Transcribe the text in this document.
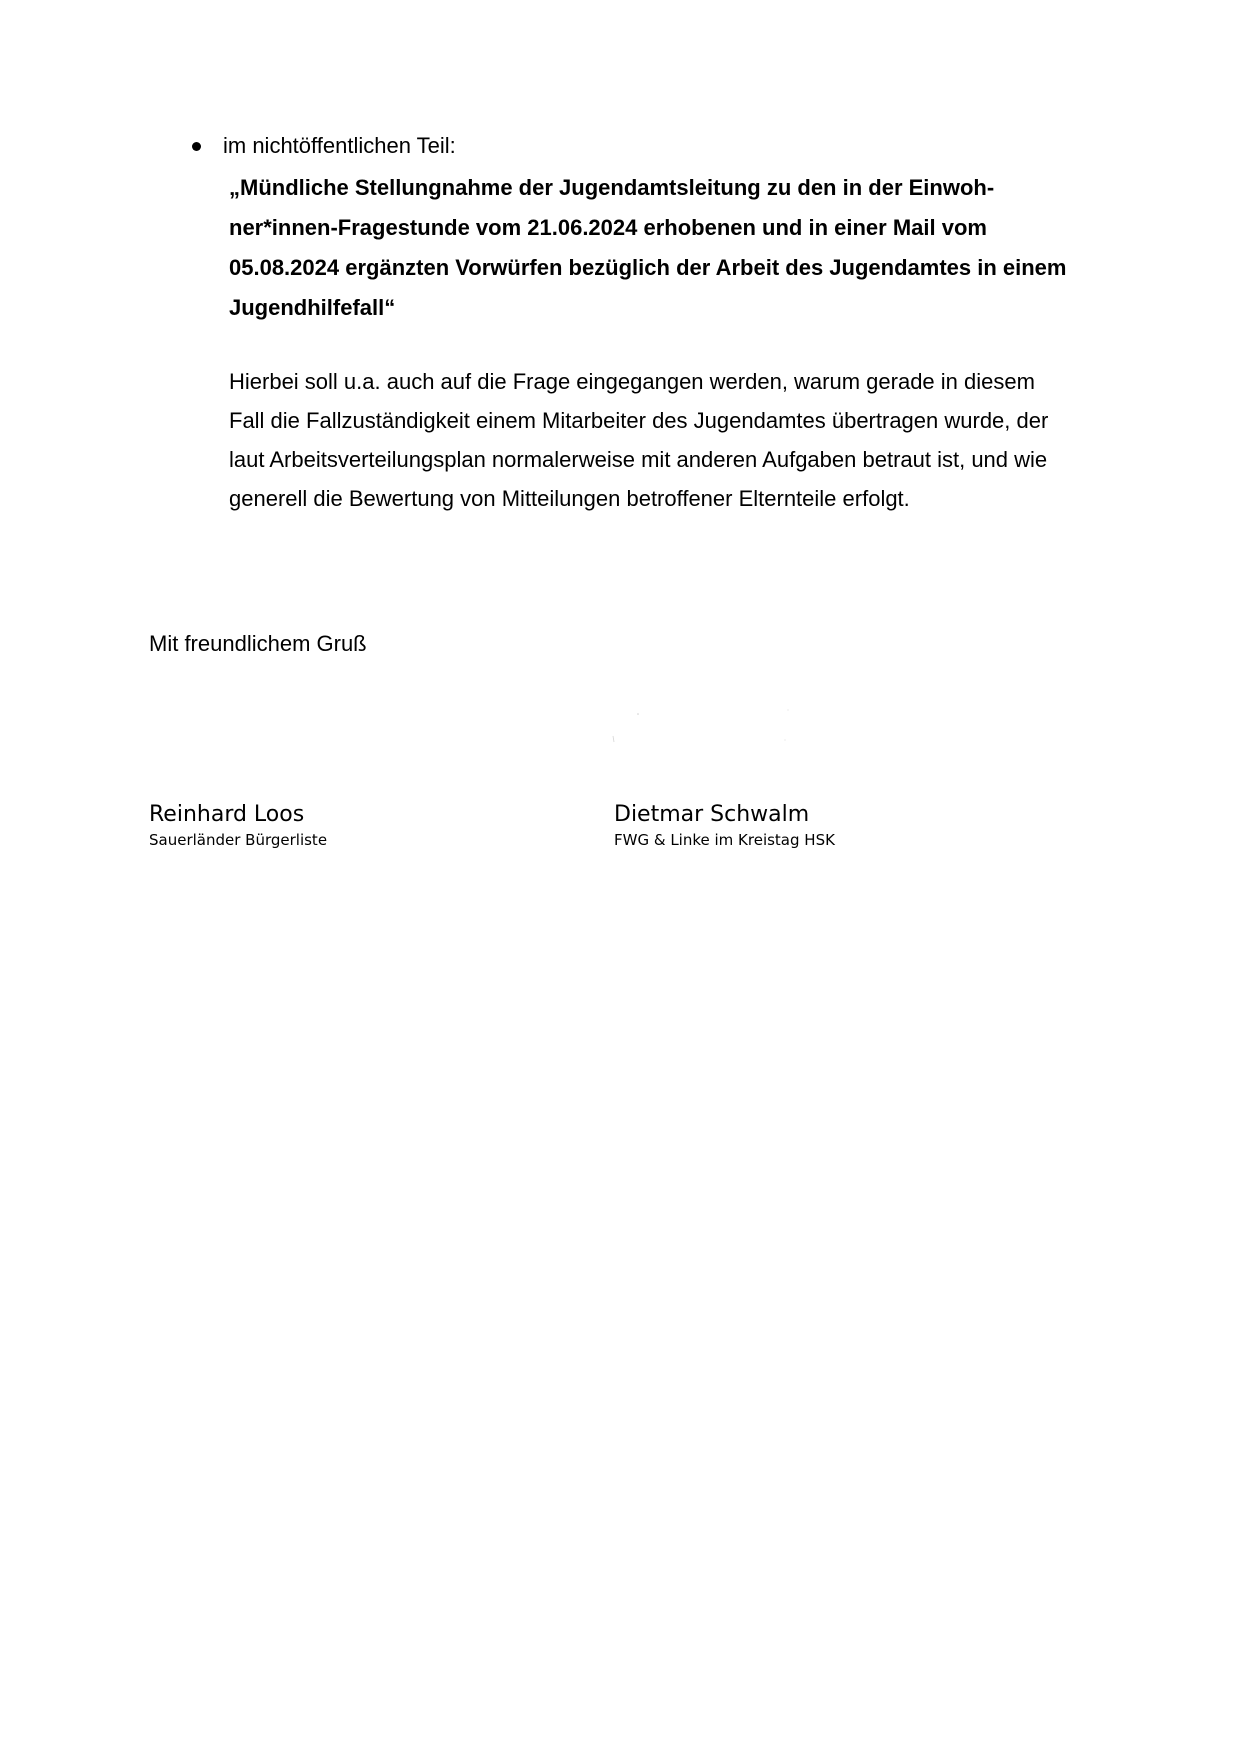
im nichtöffentlichen Teil:
„Mündliche Stellungnahme der Jugendamtsleitung zu den in der Einwoh-
ner*innen-Fragestunde vom 21.06.2024 erhobenen und in einer Mail vom
05.08.2024 ergänzten Vorwürfen bezüglich der Arbeit des Jugendamtes in einem
Jugendhilfefall“
Hierbei soll u.a. auch auf die Frage eingegangen werden, warum gerade in diesem
Fall die Fallzuständigkeit einem Mitarbeiter des Jugendamtes übertragen wurde, der
laut Arbeitsverteilungsplan normalerweise mit anderen Aufgaben betraut ist, und wie
generell die Bewertung von Mitteilungen betroffener Elternteile erfolgt.
Mit freundlichem Gruß
Reinhard Loos
Sauerländer Bürgerliste
Dietmar Schwalm
FWG & Linke im Kreistag HSK
